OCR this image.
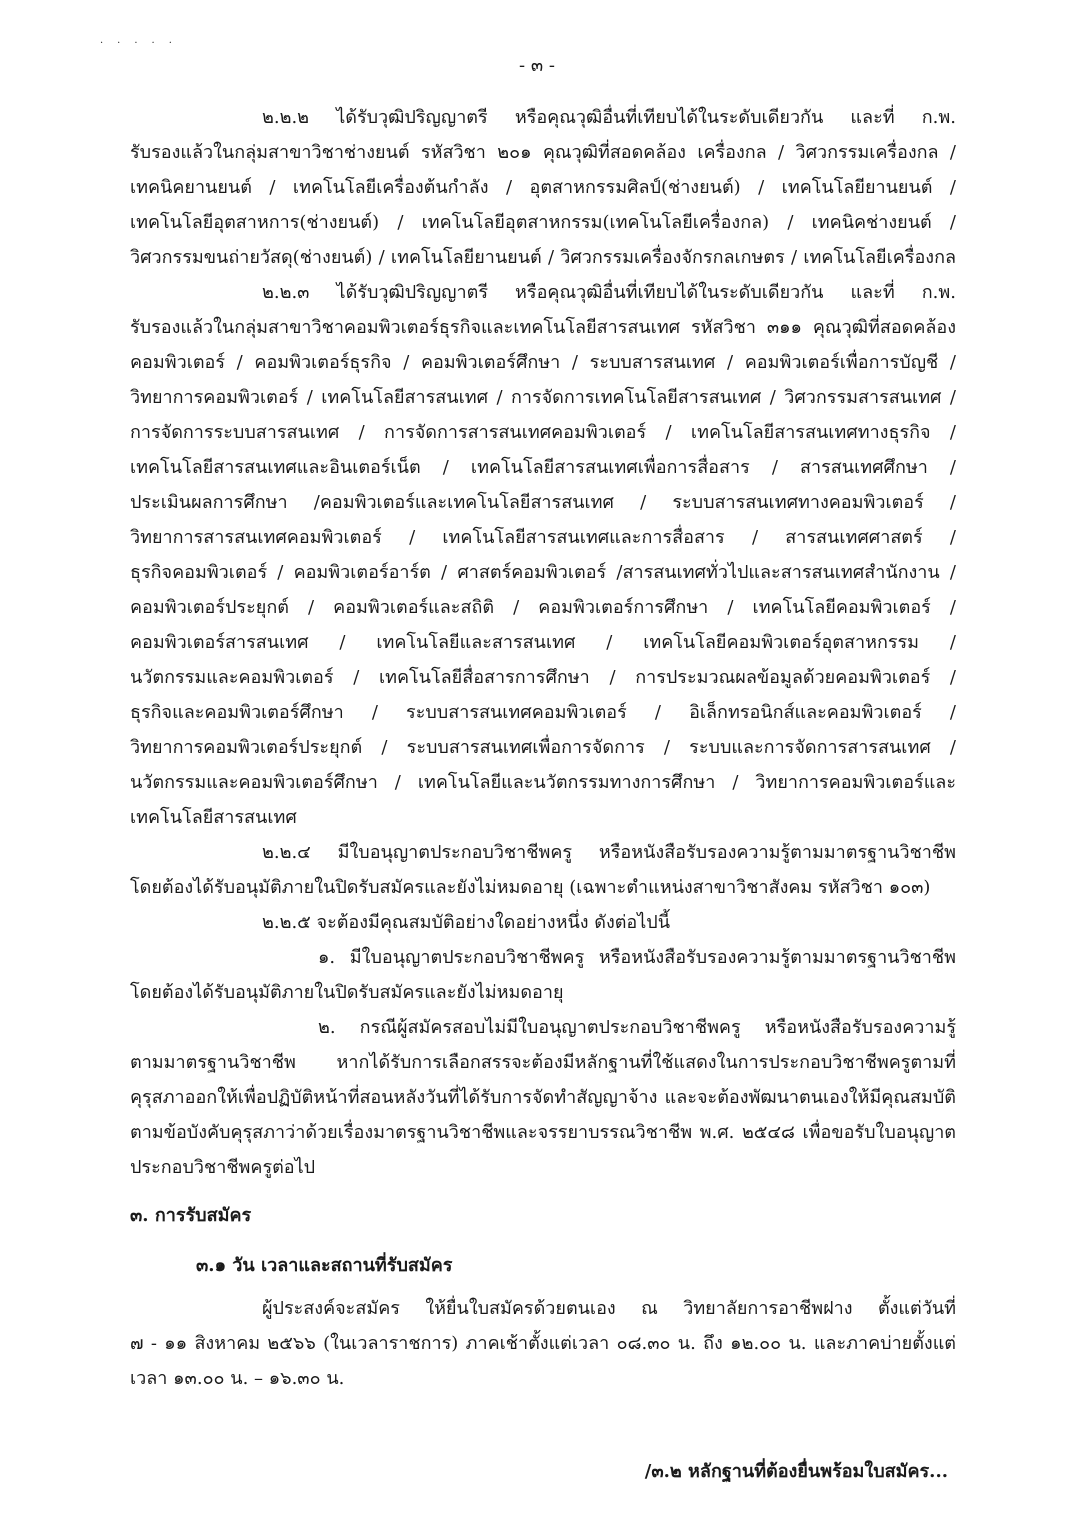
·····
- ๓ -
๒.๒.๒ ได้รับวุฒิปริญญาตรี หรือคุณวุฒิอื่นที่เทียบได้ในระดับเดียวกัน และที่ ก.พ.
รับรองแล้วในกลุ่มสาขาวิชาช่างยนต์ รหัสวิชา ๒๐๑ คุณวุฒิที่สอดคล้อง เครื่องกล / วิศวกรรมเครื่องกล /
เทคนิคยานยนต์ / เทคโนโลยีเครื่องต้นกำลัง / อุตสาหกรรมศิลป์(ช่างยนต์) / เทคโนโลยียานยนต์ /
เทคโนโลยีอุตสาหการ(ช่างยนต์) / เทคโนโลยีอุตสาหกรรม(เทคโนโลยีเครื่องกล) / เทคนิคช่างยนต์ /
วิศวกรรมขนถ่ายวัสดุ(ช่างยนต์) / เทคโนโลยียานยนต์ / วิศวกรรมเครื่องจักรกลเกษตร / เทคโนโลยีเครื่องกล
๒.๒.๓ ได้รับวุฒิปริญญาตรี หรือคุณวุฒิอื่นที่เทียบได้ในระดับเดียวกัน และที่ ก.พ.
รับรองแล้วในกลุ่มสาขาวิชาคอมพิวเตอร์ธุรกิจและเทคโนโลยีสารสนเทศ รหัสวิชา ๓๑๑ คุณวุฒิที่สอดคล้อง
คอมพิวเตอร์ / คอมพิวเตอร์ธุรกิจ / คอมพิวเตอร์ศึกษา / ระบบสารสนเทศ / คอมพิวเตอร์เพื่อการบัญชี /
วิทยาการคอมพิวเตอร์ / เทคโนโลยีสารสนเทศ / การจัดการเทคโนโลยีสารสนเทศ / วิศวกรรมสารสนเทศ /
การจัดการระบบสารสนเทศ / การจัดการสารสนเทศคอมพิวเตอร์ / เทคโนโลยีสารสนเทศทางธุรกิจ /
เทคโนโลยีสารสนเทศและอินเตอร์เน็ต / เทคโนโลยีสารสนเทศเพื่อการสื่อสาร / สารสนเทศศึกษา /
ประเมินผลการศึกษา /คอมพิวเตอร์และเทคโนโลยีสารสนเทศ / ระบบสารสนเทศทางคอมพิวเตอร์ /
วิทยาการสารสนเทศคอมพิวเตอร์ / เทคโนโลยีสารสนเทศและการสื่อสาร / สารสนเทศศาสตร์ /
ธุรกิจคอมพิวเตอร์ / คอมพิวเตอร์อาร์ต / ศาสตร์คอมพิวเตอร์ /สารสนเทศทั่วไปและสารสนเทศสำนักงาน /
คอมพิวเตอร์ประยุกต์ / คอมพิวเตอร์และสถิติ / คอมพิวเตอร์การศึกษา / เทคโนโลยีคอมพิวเตอร์ /
คอมพิวเตอร์สารสนเทศ / เทคโนโลยีและสารสนเทศ / เทคโนโลยีคอมพิวเตอร์อุตสาหกรรม /
นวัตกรรมและคอมพิวเตอร์ / เทคโนโลยีสื่อสารการศึกษา / การประมวณผลข้อมูลด้วยคอมพิวเตอร์ /
ธุรกิจและคอมพิวเตอร์ศึกษา / ระบบสารสนเทศคอมพิวเตอร์ / อิเล็กทรอนิกส์และคอมพิวเตอร์ /
วิทยาการคอมพิวเตอร์ประยุกต์ / ระบบสารสนเทศเพื่อการจัดการ / ระบบและการจัดการสารสนเทศ /
นวัตกรรมและคอมพิวเตอร์ศึกษา / เทคโนโลยีและนวัตกรรมทางการศึกษา / วิทยาการคอมพิวเตอร์และ
เทคโนโลยีสารสนเทศ
๒.๒.๔ มีใบอนุญาตประกอบวิชาชีพครู หรือหนังสือรับรองความรู้ตามมาตรฐานวิชาชีพ
โดยต้องได้รับอนุมัติภายในปิดรับสมัครและยังไม่หมดอายุ (เฉพาะตำแหน่งสาขาวิชาสังคม รหัสวิชา ๑๐๓)
๒.๒.๕ จะต้องมีคุณสมบัติอย่างใดอย่างหนึ่ง ดังต่อไปนี้
๑. มีใบอนุญาตประกอบวิชาชีพครู หรือหนังสือรับรองความรู้ตามมาตรฐานวิชาชีพ
โดยต้องได้รับอนุมัติภายในปิดรับสมัครและยังไม่หมดอายุ
๒. กรณีผู้สมัครสอบไม่มีใบอนุญาตประกอบวิชาชีพครู หรือหนังสือรับรองความรู้
ตามมาตรฐานวิชาชีพ หากได้รับการเลือกสรรจะต้องมีหลักฐานที่ใช้แสดงในการประกอบวิชาชีพครูตามที่
คุรุสภาออกให้เพื่อปฏิบัติหน้าที่สอนหลังวันที่ได้รับการจัดทำสัญญาจ้าง และจะต้องพัฒนาตนเองให้มีคุณสมบัติ
ตามข้อบังคับคุรุสภาว่าด้วยเรื่องมาตรฐานวิชาชีพและจรรยาบรรณวิชาชีพ พ.ศ. ๒๕๔๘ เพื่อขอรับใบอนุญาต
ประกอบวิชาชีพครูต่อไป
๓. การรับสมัคร
๓.๑ วัน เวลาและสถานที่รับสมัคร
ผู้ประสงค์จะสมัคร ให้ยื่นใบสมัครด้วยตนเอง ณ วิทยาลัยการอาชีพฝาง ตั้งแต่วันที่
๗ - ๑๑ สิงหาคม ๒๕๖๖ (ในเวลาราชการ) ภาคเช้าตั้งแต่เวลา ๐๘.๓๐ น. ถึง ๑๒.๐๐ น. และภาคบ่ายตั้งแต่
เวลา ๑๓.๐๐ น. – ๑๖.๓๐ น.
/๓.๒ หลักฐานที่ต้องยื่นพร้อมใบสมัคร...
